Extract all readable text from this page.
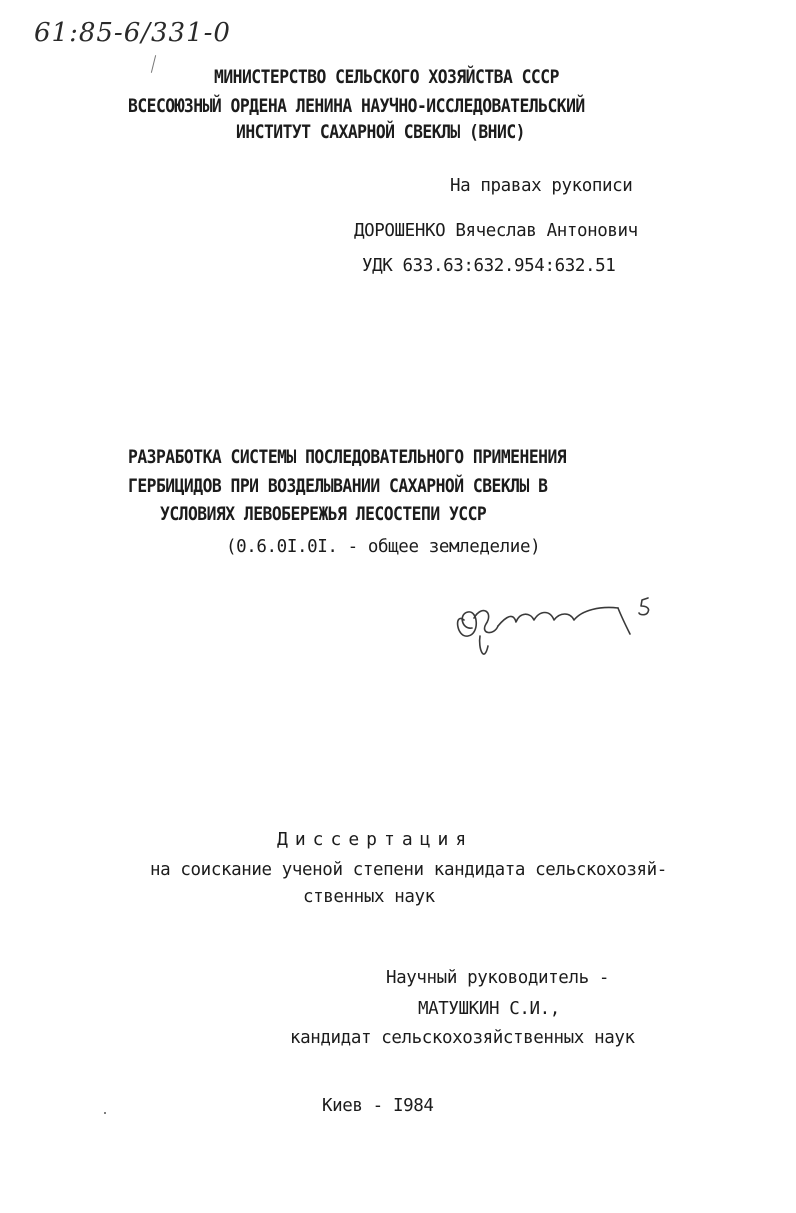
61:85-6/331-0
МИНИСТЕРСТВО СЕЛЬСКОГО ХОЗЯЙСТВА СССР
ВСЕСОЮЗНЫЙ ОРДЕНА ЛЕНИНА НАУЧНО-ИССЛЕДОВАТЕЛЬСКИЙ
ИНСТИТУТ САХАРНОЙ СВЕКЛЫ (ВНИС)
На правах рукописи
ДОРОШЕНКО Вячеслав Антонович
УДК 633.63:632.954:632.51
РАЗРАБОТКА СИСТЕМЫ ПОСЛЕДОВАТЕЛЬНОГО ПРИМЕНЕНИЯ
ГЕРБИЦИДОВ ПРИ ВОЗДЕЛЫВАНИИ САХАРНОЙ СВЕКЛЫ В
УСЛОВИЯХ ЛЕВОБЕРЕЖЬЯ ЛЕСОСТЕПИ УССР
(0.6.0I.0I. - общее земледелие)
Диссертация
на соискание ученой степени кандидата сельскохозяй-
ственных наук
Научный руководитель -
МАТУШКИН С.И.,
кандидат сельскохозяйственных наук
Киев - I984
